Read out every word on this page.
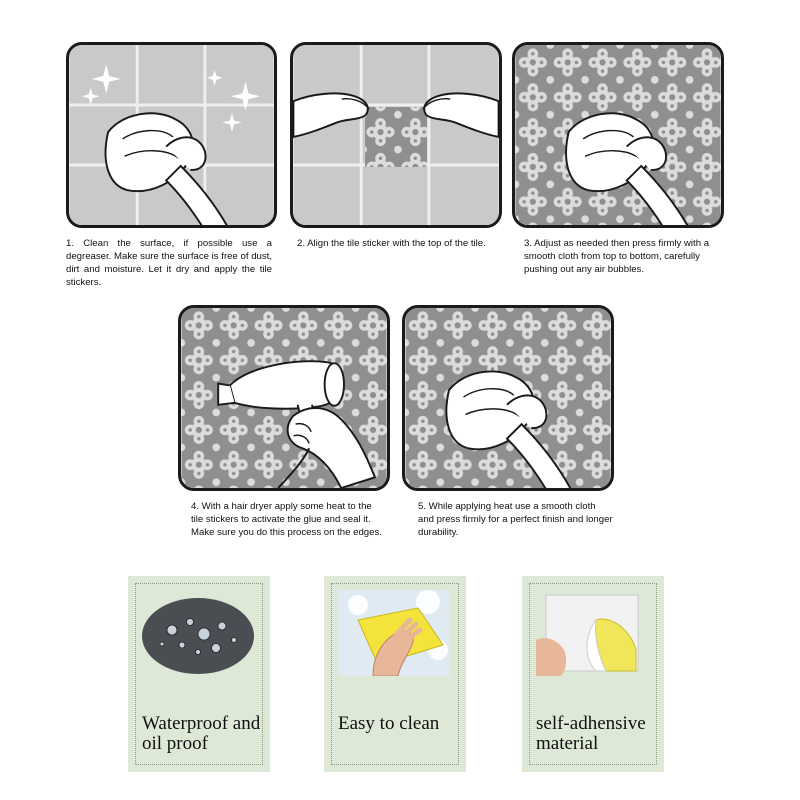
1. Clean the surface, if possible use a degreaser. Make sure the surface is free of dust, dirt and moisture. Let it dry and apply the tile stickers.

2. Align the tile sticker with the top of the tile.	3. Adjust as needed then press firmly with a smooth cloth from top to bottom, carefully pushing out any air bubbles.

4. With a hair dryer apply some heat to the tile stickers to activate the glue and seal it. Make sure you do this process on the edges.

5. While applying heat use a smooth cloth and press firmly for a perfect finish and longer durability.

Waterproof and oil proof
Easy to clean	self-adhensive material
